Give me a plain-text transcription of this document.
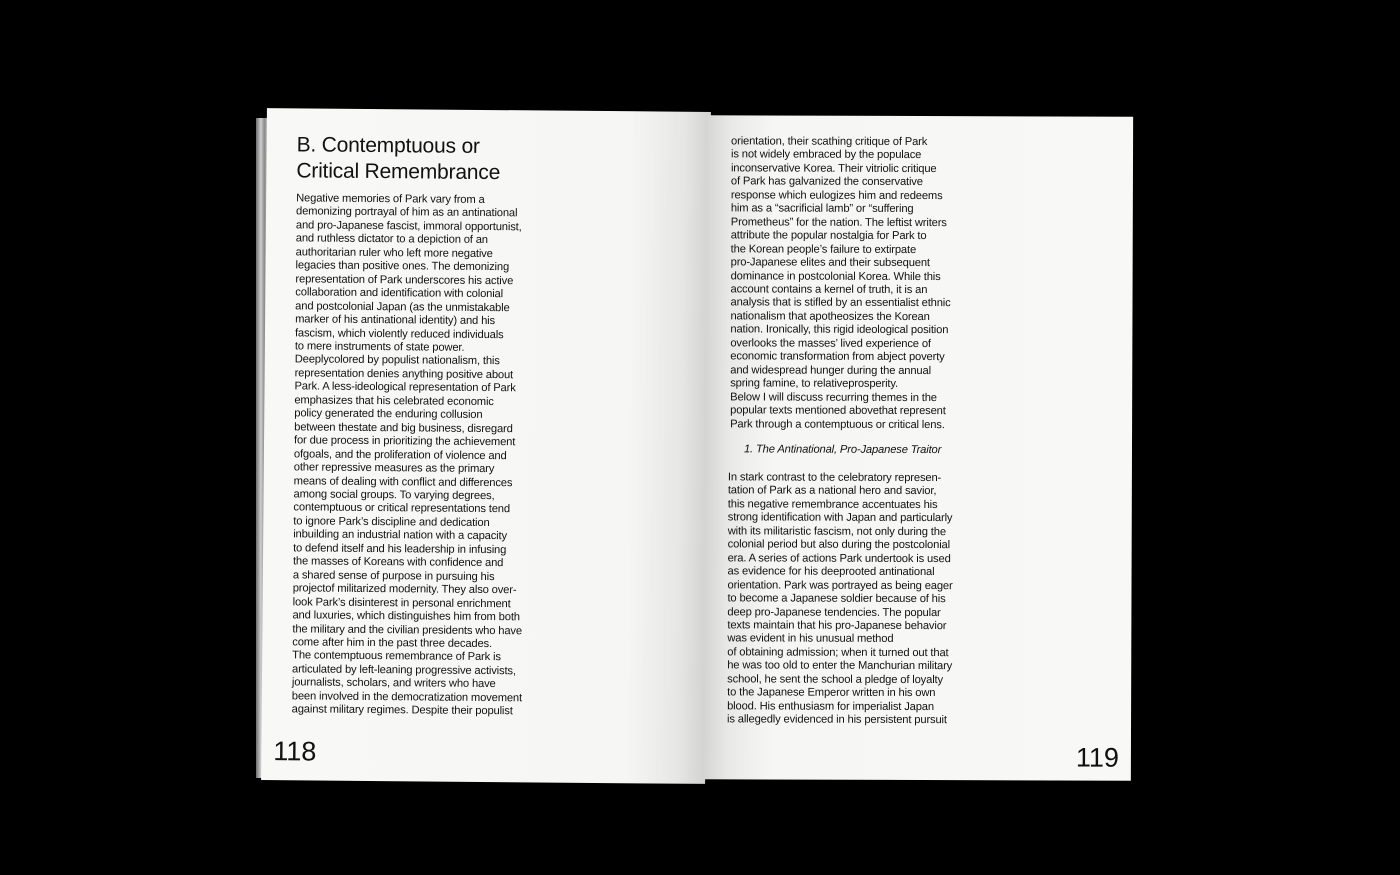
B. Contemptuous or
Critical Remembrance
Negative memories of Park vary from a
demonizing portrayal of him as an antinational
and pro-Japanese fascist, immoral opportunist,
and ruthless dictator to a depiction of an
authoritarian ruler who left more negative
legacies than positive ones. The demonizing
representation of Park underscores his active
collaboration and identification with colonial
and postcolonial Japan (as the unmistakable
marker of his antinational identity) and his
fascism, which violently reduced individuals
to mere instruments of state power.
Deeplycolored by populist nationalism, this
representation denies anything positive about
Park. A less-ideological representation of Park
emphasizes that his celebrated economic
policy generated the enduring collusion
between thestate and big business, disregard
for due process in prioritizing the achievement
ofgoals, and the proliferation of violence and
other repressive measures as the primary
means of dealing with conflict and differences
among social groups. To varying degrees,
contemptuous or critical representations tend
to ignore Park’s discipline and dedication
inbuilding an industrial nation with a capacity
to defend itself and his leadership in infusing
the masses of Koreans with confidence and
a shared sense of purpose in pursuing his
projectof militarized modernity. They also over-
look Park’s disinterest in personal enrichment
and luxuries, which distinguishes him from both
the military and the civilian presidents who have
come after him in the past three decades.
The contemptuous remembrance of Park is
articulated by left-leaning progressive activists,
journalists, scholars, and writers who have
been involved in the democratization movement
against military regimes. Despite their populist
118
orientation, their scathing critique of Park
is not widely embraced by the populace
inconservative Korea. Their vitriolic critique
of Park has galvanized the conservative
response which eulogizes him and redeems
him as a “sacrificial lamb” or “suffering
Prometheus” for the nation. The leftist writers
attribute the popular nostalgia for Park to
the Korean people’s failure to extirpate
pro-Japanese elites and their subsequent
dominance in postcolonial Korea. While this
account contains a kernel of truth, it is an
analysis that is stifled by an essentialist ethnic
nationalism that apotheosizes the Korean
nation. Ironically, this rigid ideological position
overlooks the masses’ lived experience of
economic transformation from abject poverty
and widespread hunger during the annual
spring famine, to relativeprosperity.
Below I will discuss recurring themes in the
popular texts mentioned abovethat represent
Park through a contemptuous or critical lens.
1. The Antinational, Pro-Japanese Traitor
In stark contrast to the celebratory represen-
tation of Park as a national hero and savior,
this negative remembrance accentuates his
strong identification with Japan and particularly
with its militaristic fascism, not only during the
colonial period but also during the postcolonial
era. A series of actions Park undertook is used
as evidence for his deeprooted antinational
orientation. Park was portrayed as being eager
to become a Japanese soldier because of his
deep pro-Japanese tendencies. The popular
texts maintain that his pro-Japanese behavior
was evident in his unusual method
of obtaining admission; when it turned out that
he was too old to enter the Manchurian military
school, he sent the school a pledge of loyalty
to the Japanese Emperor written in his own
blood. His enthusiasm for imperialist Japan
is allegedly evidenced in his persistent pursuit
119
